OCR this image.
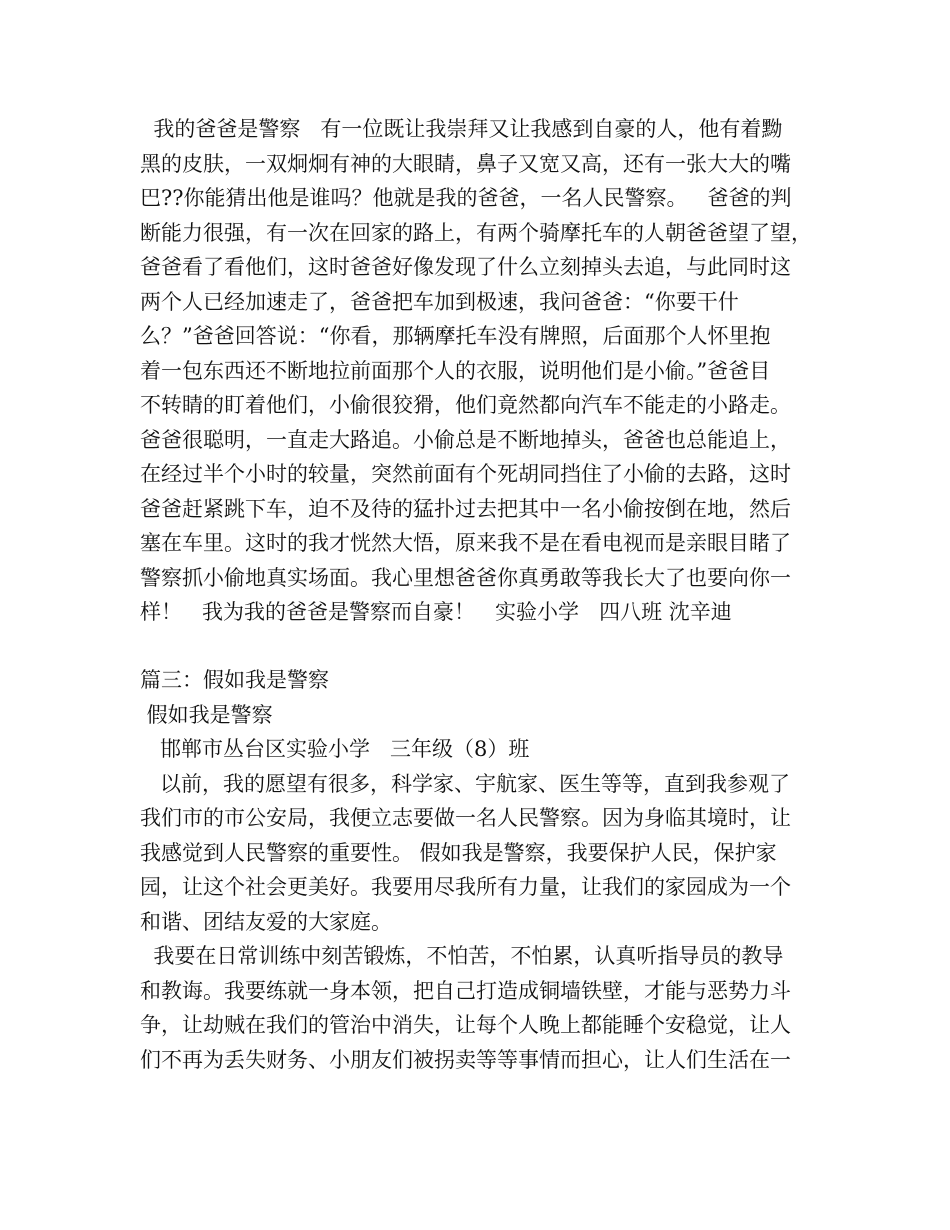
我的爸爸是警察   有一位既让我崇拜又让我感到自豪的人，他有着黝
黑的皮肤，一双炯炯有神的大眼睛，鼻子又宽又高，还有一张大大的嘴
巴??你能猜出他是谁吗？他就是我的爸爸，一名人民警察。   爸爸的判
断能力很强，有一次在回家的路上，有两个骑摩托车的人朝爸爸望了望，
爸爸看了看他们，这时爸爸好像发现了什么立刻掉头去追，与此同时这
两个人已经加速走了，爸爸把车加到极速，我问爸爸：“你要干什
么？”爸爸回答说：“你看，那辆摩托车没有牌照，后面那个人怀里抱
着一包东西还不断地拉前面那个人的衣服，说明他们是小偷。”爸爸目
不转睛的盯着他们，小偷很狡猾，他们竟然都向汽车不能走的小路走。
爸爸很聪明，一直走大路追。小偷总是不断地掉头，爸爸也总能追上，
在经过半个小时的较量，突然前面有个死胡同挡住了小偷的去路，这时
爸爸赶紧跳下车，迫不及待的猛扑过去把其中一名小偷按倒在地，然后
塞在车里。这时的我才恍然大悟，原来我不是在看电视而是亲眼目睹了
警察抓小偷地真实场面。我心里想爸爸你真勇敢等我长大了也要向你一
样！   我为我的爸爸是警察而自豪！   实验小学   四八班 沈辛迪
篇三：假如我是警察
假如我是警察
邯郸市丛台区实验小学   三年级（8）班
以前，我的愿望有很多，科学家、宇航家、医生等等，直到我参观了
我们市的市公安局，我便立志要做一名人民警察。因为身临其境时，让
我感觉到人民警察的重要性。 假如我是警察，我要保护人民，保护家
园，让这个社会更美好。我要用尽我所有力量，让我们的家园成为一个
和谐、团结友爱的大家庭。
我要在日常训练中刻苦锻炼，不怕苦，不怕累，认真听指导员的教导
和教诲。我要练就一身本领，把自己打造成铜墙铁壁，才能与恶势力斗
争，让劫贼在我们的管治中消失，让每个人晚上都能睡个安稳觉，让人
们不再为丢失财务、小朋友们被拐卖等等事情而担心，让人们生活在一
